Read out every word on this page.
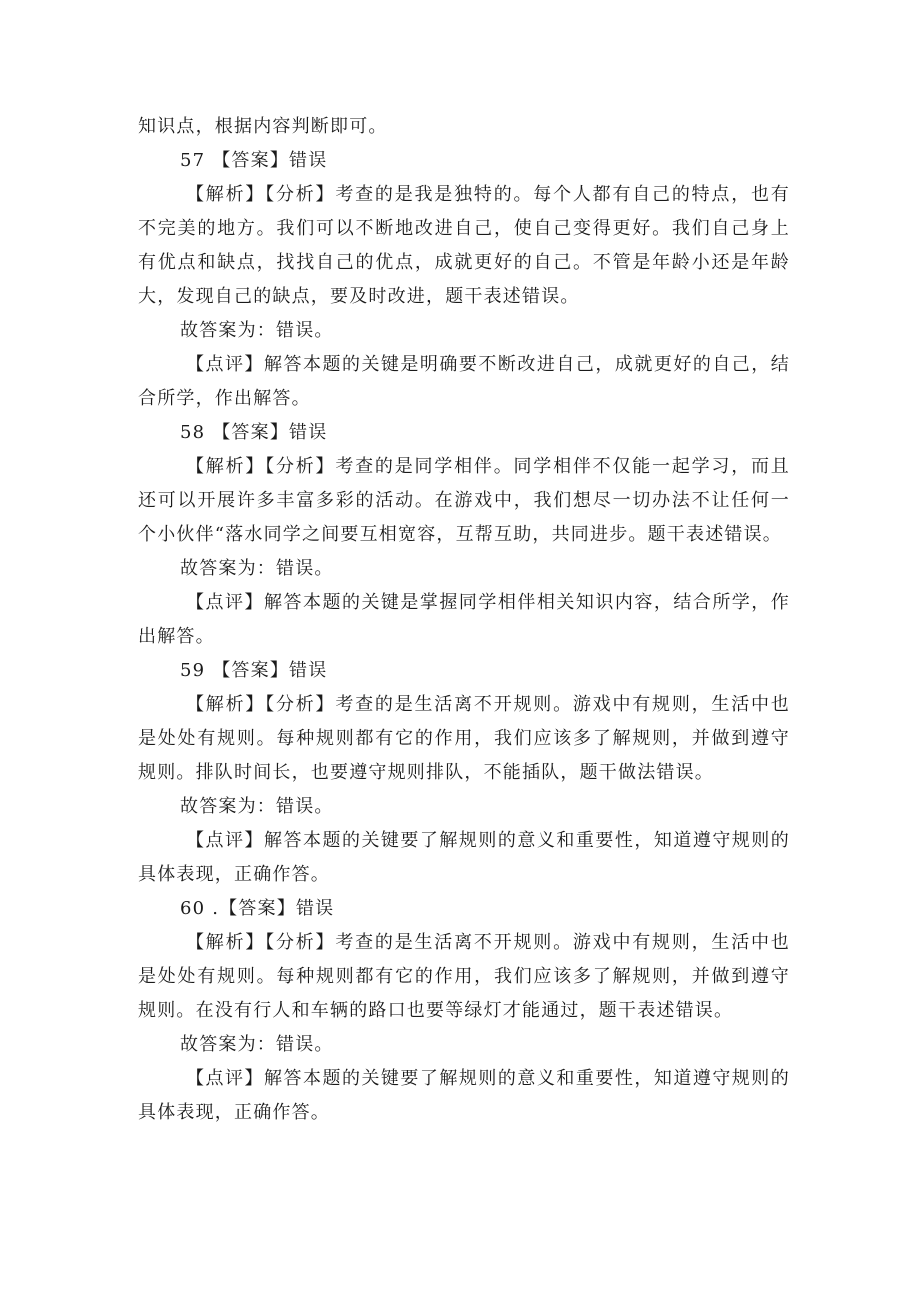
知识点，根据内容判断即可。

57 【答案】错误

【解析】【分析】考查的是我是独特的。每个人都有自己的特点，也有不完美的地方。我们可以不断地改进自己，使自己变得更好。我们自己身上有优点和缺点，找找自己的优点，成就更好的自己。不管是年龄小还是年龄大，发现自己的缺点，要及时改进，题干表述错误。

故答案为：错误。

【点评】解答本题的关键是明确要不断改进自己，成就更好的自己，结合所学，作出解答。

58 【答案】错误

【解析】【分析】考查的是同学相伴。同学相伴不仅能一起学习，而且还可以开展许多丰富多彩的活动。在游戏中，我们想尽一切办法不让任何一个小伙伴“落水同学之间要互相宽容，互帮互助，共同进步。题干表述错误。

故答案为：错误。

【点评】解答本题的关键是掌握同学相伴相关知识内容，结合所学，作出解答。

59 【答案】错误

【解析】【分析】考查的是生活离不开规则。游戏中有规则，生活中也是处处有规则。每种规则都有它的作用，我们应该多了解规则，并做到遵守规则。排队时间长，也要遵守规则排队，不能插队，题干做法错误。

故答案为：错误。

【点评】解答本题的关键要了解规则的意义和重要性，知道遵守规则的具体表现，正确作答。

60 .【答案】错误

【解析】【分析】考查的是生活离不开规则。游戏中有规则，生活中也是处处有规则。每种规则都有它的作用，我们应该多了解规则，并做到遵守规则。在没有行人和车辆的路口也要等绿灯才能通过，题干表述错误。

故答案为：错误。

【点评】解答本题的关键要了解规则的意义和重要性，知道遵守规则的具体表现，正确作答。
